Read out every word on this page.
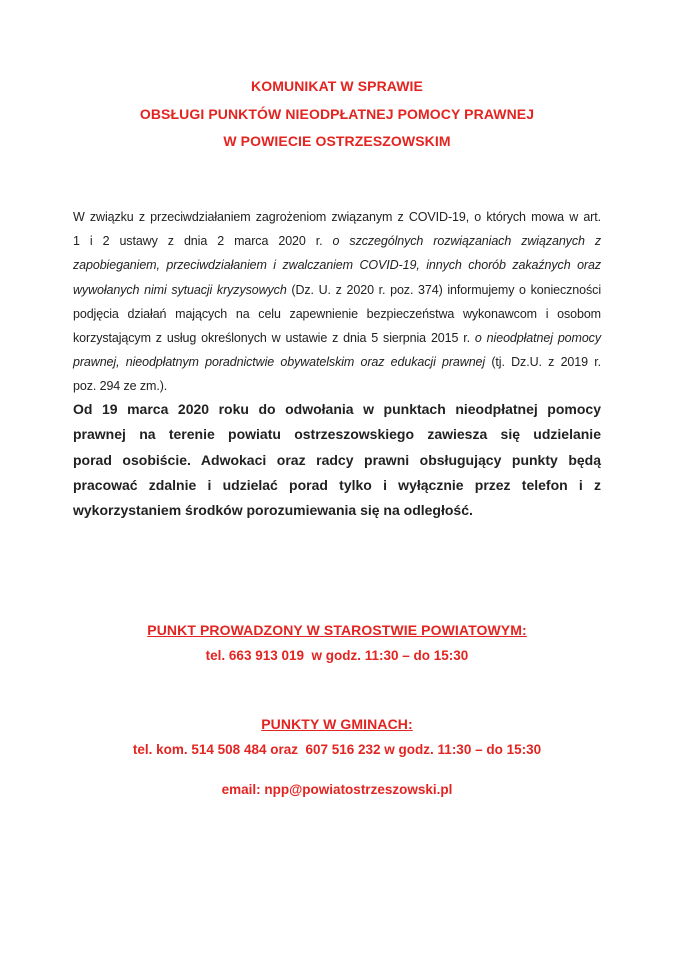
KOMUNIKAT W SPRAWIE
OBSŁUGI PUNKTÓW NIEODPŁATNEJ POMOCY PRAWNEJ
W POWIECIE OSTRZESZOWSKIM
W związku z przeciwdziałaniem zagrożeniom związanym z COVID-19, o których mowa w art.
1 i 2 ustawy z dnia 2 marca 2020 r. o szczególnych rozwiązaniach związanych z
zapobieganiem, przeciwdziałaniem i zwalczaniem COVID-19, innych chorób zakaźnych oraz
wywołanych nimi sytuacji kryzysowych (Dz. U. z 2020 r. poz. 374) informujemy o konieczności
podjęcia działań mających na celu zapewnienie bezpieczeństwa wykonawcom i osobom
korzystającym z usług określonych w ustawie z dnia 5 sierpnia 2015 r. o nieodpłatnej pomocy
prawnej, nieodpłatnym poradnictwie obywatelskim oraz edukacji prawnej (tj. Dz.U. z 2019 r.
poz. 294 ze zm.).
Od 19 marca 2020 roku do odwołania w punktach nieodpłatnej pomocy
prawnej na terenie powiatu ostrzeszowskiego zawiesza się udzielanie
porad osobiście. Adwokaci oraz radcy prawni obsługujący punkty będą
pracować zdalnie i udzielać porad tylko i wyłącznie przez telefon i z
wykorzystaniem środków porozumiewania się na odległość.
PUNKT PROWADZONY W STAROSTWIE POWIATOWYM:
tel. 663 913 019  w godz. 11:30 – do 15:30
PUNKTY W GMINACH:
tel. kom. 514 508 484 oraz  607 516 232 w godz. 11:30 – do 15:30
email: npp@powiatostrzeszowski.pl
